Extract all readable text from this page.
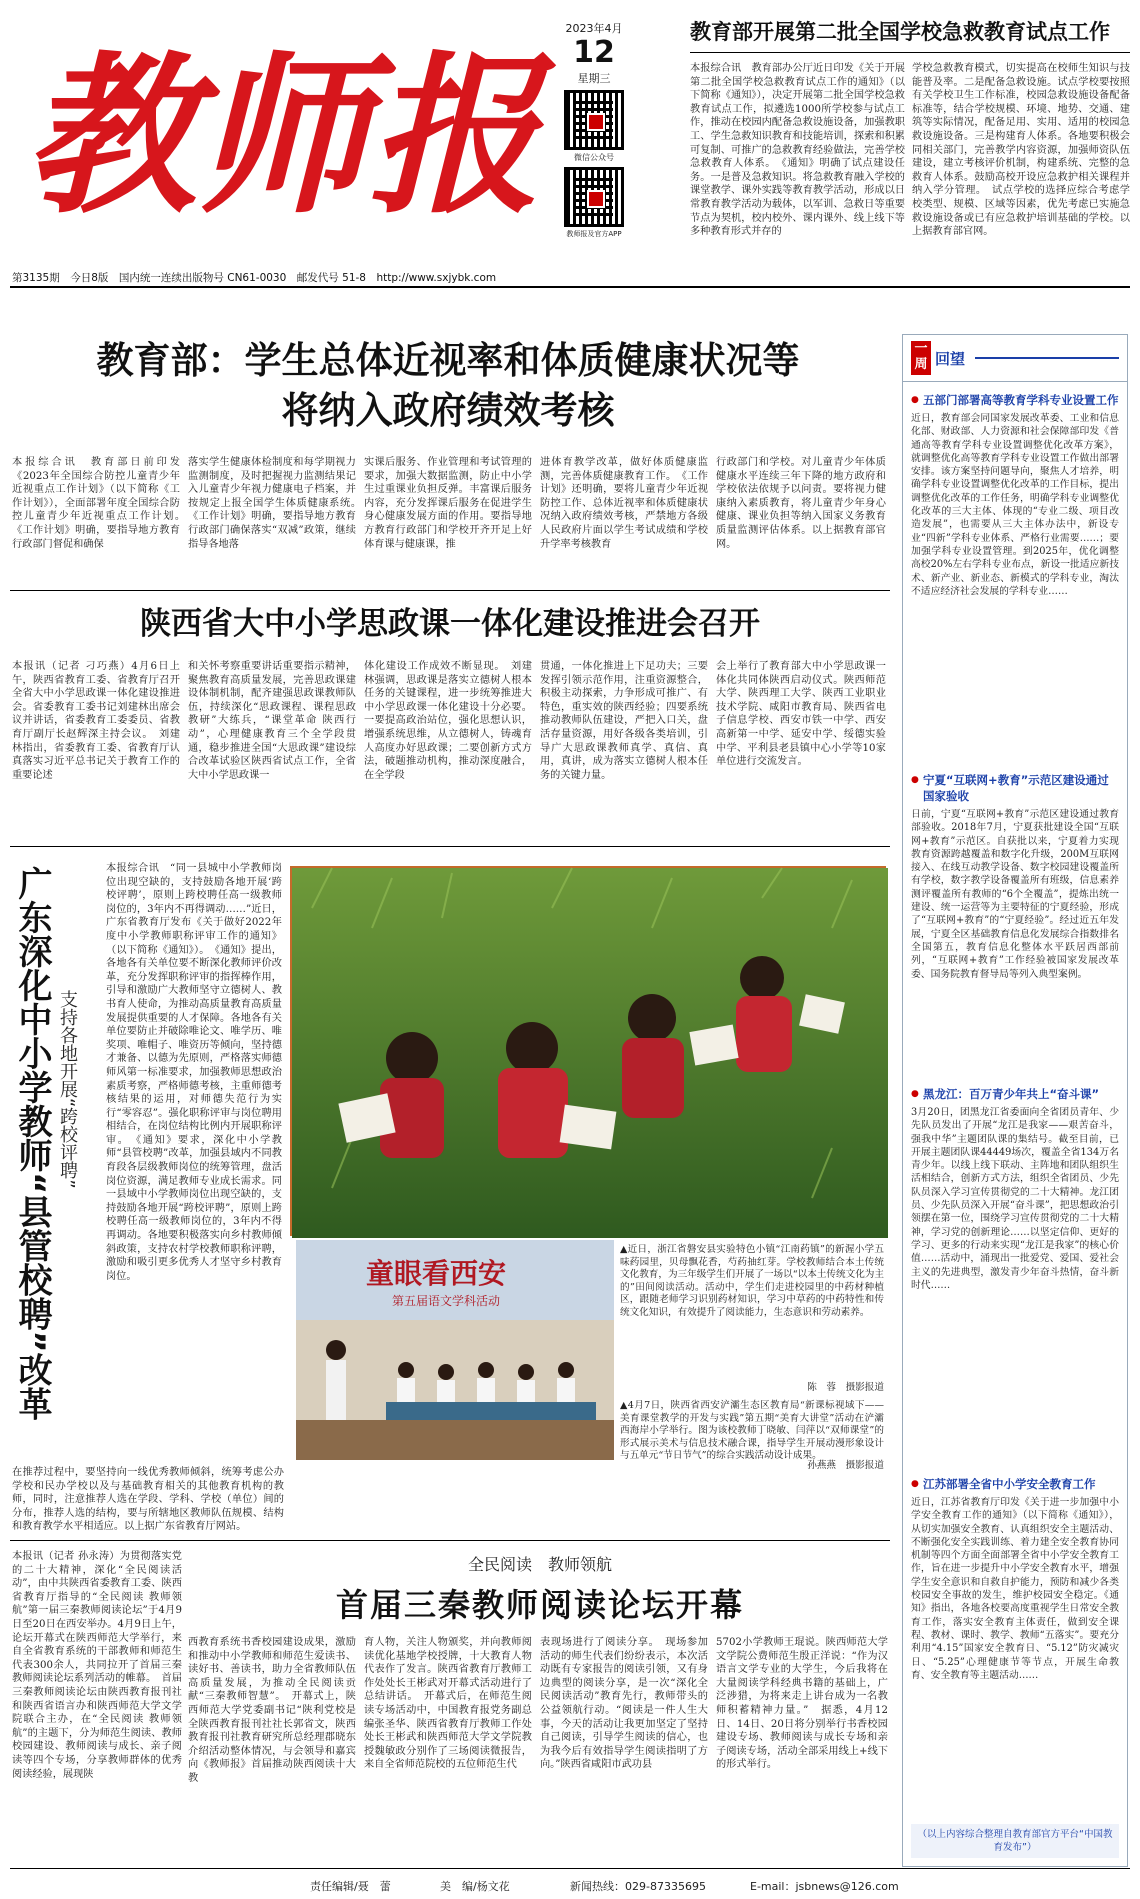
教师报
2023年4月
12
星期三
微信公众号
教师报及官方APP
第3135期　今日8版　国内统一连续出版物号 CN61-0030　邮发代号 51-8　http://www.sxjybk.com
教育部开展第二批全国学校急救教育试点工作
本报综合讯　教育部办公厅近日印发《关于开展第二批全国学校急救教育试点工作的通知》（以下简称《通知》），决定开展第二批全国学校急救教育试点工作，拟遴选1000所学校参与试点工作，推动在校园内配备急救设施设备，加强教职工、学生急救知识教育和技能培训，探索和积累可复制、可推广的急救教育经验做法，完善学校急救教育人体系。　《通知》明确了试点建设任务。一是普及急救知识。将急救教育融入学校的课堂教学、课外实践等教育教学活动，形成以日常教育教学活动为载体，以军训、急救日等重要节点为契机，校内校外、课内课外、线上线下等多种教育形式并存的
学校急救教育模式，切实提高在校师生知识与技能普及率。二是配备急救设施。试点学校要按照有关学校卫生工作标准，校园急救设施设备配备标准等，结合学校规模、环境、地势、交通、建筑等实际情况，配备足用、实用、适用的校园急救设施设备。三是构建育人体系。各地要积极会同相关部门，完善教学内容资源，加强师资队伍建设，建立考核评价机制，构建系统、完整的急救育人体系。鼓励高校开设应急救护相关课程并纳入学分管理。　试点学校的选择应综合考虑学校类型、规模、区域等因素，优先考虑已实施急救设施设备或已有应急救护培训基础的学校。以上据教育部官网。
教育部：学生总体近视率和体质健康状况等
将纳入政府绩效考核
本报综合讯　教育部日前印发《2023年全国综合防控儿童青少年近视重点工作计划》（以下简称《工作计划》），全面部署年度全国综合防控儿童青少年近视重点工作计划。　《工作计划》明确，要指导地方教育行政部门督促和确保
落实学生健康体检制度和每学期视力监测制度，及时把握视力监测结果记入儿童青少年视力健康电子档案，并按规定上报全国学生体质健康系统。　《工作计划》明确，要指导地方教育行政部门确保落实“双减”政策，继续指导各地落
实课后服务、作业管理和考试管理的要求，加强大数据监测，防止中小学生过重课业负担反弹。丰富课后服务内容，充分发挥课后服务在促进学生身心健康发展方面的作用。要指导地方教育行政部门和学校开齐开足上好体育课与健康课，推
进体育教学改革，做好体质健康监测，完善体质健康教育工作。　《工作计划》还明确，要将儿童青少年近视防控工作、总体近视率和体质健康状况纳入政府绩效考核，严禁地方各级人民政府片面以学生考试成绩和学校升学率考核教育
行政部门和学校。对儿童青少年体质健康水平连续三年下降的地方政府和学校依法依规予以问责。要将视力健康纳入素质教育，将儿童青少年身心健康、课业负担等纳入国家义务教育质量监测评估体系。以上据教育部官网。
陕西省大中小学思政课一体化建设推进会召开
本报讯（记者 刁巧燕）4月6日上午，陕西省教育工委、省教育厅召开全省大中小学思政课一体化建设推进会。省委教育工委书记刘建林出席会议并讲话，省委教育工委委员、省教育厅副厅长赵辉深主持会议。　刘建林指出，省委教育工委、省教育厅认真落实习近平总书记关于教育工作的重要论述
和关怀考察重要讲话重要指示精神，聚焦教育高质量发展，完善思政课建设体制机制，配齐建强思政课教师队伍，持续深化“思政课程、课程思政教研”大练兵，“课堂革命 陕西行动”，心理健康教育三个全学段贯通，稳步推进全国“大思政课”建设综合改革试验区陕西省试点工作，全省大中小学思政课一
体化建设工作成效不断显现。　刘建林强调，思政课是落实立德树人根本任务的关键课程，进一步统筹推进大中小学思政课一体化建设十分必要。一要提高政治站位，强化思想认识，增强系统思维，从立德树人，铸魂育人高度办好思政课；二要创新方式方法，破题推动机构，推动深度融合，在全学段
贯通，一体化推进上下足功夫；三要发挥引领示范作用，注重资源整合，积极主动探索，力争形成可推广、有特色，重实效的陕西经验；四要系统推动教师队伍建设，严把入口关，盘活存量资源，用好各级各类培训，引导广大思政课教师真学、真信、真用，真讲，成为落实立德树人根本任务的关键力量。
会上举行了教育部大中小学思政课一体化共同体陕西启动仪式。陕西师范大学、陕西理工大学、陕西工业职业技术学院、咸阳市教育局、陕西省电子信息学校、西安市铁一中学、西安高新第一中学、延安中学、绥德实验中学、平利县老县镇中心小学等10家单位进行交流发言。
广东深化中小学教师“县管校聘”改革 支持各地开展“跨校评聘”
本报综合讯　“同一县城中小学教师岗位出现空缺的，支持鼓励各地开展‘跨校评聘’，原则上跨校聘任高一级教师岗位的，3年内不再得调动……”近日，广东省教育厅发布《关于做好2022年度中小学教师职称评审工作的通知》（以下简称《通知》）。　《通知》提出，各地各有关单位要不断深化教师评价改革，充分发挥职称评审的指挥棒作用，引导和激励广大教师坚守立德树人、教书育人使命，为推动高质量教育高质量发展提供重要的人才保障。各地各有关单位要防止并破除唯论文、唯学历、唯奖项、唯帽子、唯资历等倾向，坚持德才兼备、以德为先原则，严格落实师德师风第一标准要求，加强教师思想政治素质考察，严格师德考核，主重师德考核结果的运用，对师德失范行为实行“零容忍”。强化职称评审与岗位聘用相结合，在岗位结构比例内开展职称评审。　《通知》要求，深化中小学教师“县管校聘”改革，加强县域内不同教育段各层级教师岗位的统筹管理，盘活岗位资源，满足教师专业成长需求。同一县域中小学教师岗位出现空缺的，支持鼓励各地开展“跨校评聘”，原则上跨校聘任高一级教师岗位的，3年内不得再调动。各地要积极落实向乡村教师倾斜政策，支持农村学校教师职称评聘，激励和吸引更多优秀人才坚守乡村教育岗位。
在推荐过程中，要坚持向一线优秀教师倾斜，统筹考虑公办学校和民办学校以及与基础教育相关的其他教育机构的教师，同时，注意推荐人选在学段、学科、学校（单位）间的分布，推荐人选的结构，要与所辖地区教师队伍规模、结构和教育教学水平相适应。以上据广东省教育厅网站。
童眼看西安
第五届语文学科活动
▲近日，浙江省磐安县实验特色小镇“江南药镇”的新渥小学五味药园里，贝母飘花香，芍药抽红芽。学校教师结合本土传统文化教育，为三年级学生们开展了一场以“以本土传统文化为主的”田间阅读活动。活动中，学生们走进校园里的中药材种植区，跟随老师学习识别药材知识，学习中草药的中药特性和传统文化知识，有效提升了阅读能力，生态意识和劳动素养。
陈　蓉　摄影报道
▲4月7日，陕西省西安浐灞生态区教育局“新课标视域下——美育课堂教学的开发与实践”第五期“美育大讲堂”活动在浐灞西海岸小学举行。图为该校教师丁晓敏、闫萍以“双师课堂”的形式展示美术与信息技术融合课，指导学生开展动漫形象设计与五单元“节日节气”的综合实践活动设计成果。
孙燕燕　摄影报道
本报讯（记者 孙永涛）为贯彻落实党的二十大精神，深化“全民阅读活动”，由中共陕西省委教育工委、陕西省教育厅指导的“全民阅读 教师领航”第一届三秦教师阅读论坛”于4月9日至20日在西安举办。4月9日上午，论坛开幕式在陕西师范大学举行，来自全省教育系统的干部教师和师范生代表300余人，共同拉开了首届三秦教师阅读论坛系列活动的帷幕。　首届三秦教师阅读论坛由陕西教育报刊社和陕西省语言办和陕西师范大学文学院联合主办，在“全民阅读 教师领航”的主题下，分为师范生阅读、教师校园建设、教师阅读与成长、亲子阅读等四个专场，分享教师群体的优秀阅读经验，展现陕
全民阅读　教师领航
首届三秦教师阅读论坛开幕
西教育系统书香校园建设成果，激励和推动中小学教师和师范生爱读书、读好书、善读书，助力全省教师队伍高质量发展，为推动全民阅读贡献“三秦教师智慧”。　开幕式上，陕西师范大学党委副书记“陕利党校是全陕西教育报刊社社长郭省文，陕西教育报刊社教育研究所总经理郡晓东介绍活动整体情况，与会领导和嘉宾向《教师报》首届推动陕西阅读十大教
育人物，关注人物颁奖，并向教师阅读优化基地学校授牌，十大教育人物代表作了发言。陕西省教育厅教师工作处处长王彬武对开幕式活动进行了总结讲话。　开幕式后，在师范生阅读专场活动中，中国教育报党务副总编张圣华、陕西省教育厅教师工作处处长王彬武和陕西师范大学文学院教授魏敏政分别作了三场阅读微报告，来自全省师范院校的五位师范生代
表现场进行了阅读分享。　现场参加活动的师生代表们纷纷表示，本次活动既有专家报告的阅读引领，又有身边典型的阅读分享，是一次“深化全民阅读活动”教育先行，教师带头的公益领航行动。“阅读是一件人生大事，今天的活动让我更加坚定了坚持自己阅读，引导学生阅读的信心，也为我今后有效指导学生阅读指明了方向。”陕西省咸阳市武功县
5702小学教师王琨说。陕西师范大学文学院公费师范生殷正洋说：“作为汉语言文学专业的大学生，今后我将在大量阅读学科经典书籍的基础上，广泛涉猎，为将来走上讲台成为一名教师积蓄精神力量。”　据悉，4月12日、14日、20日将分别举行书香校园建设专场、教师阅读与成长专场和亲子阅读专场，活动全部采用线上+线下的形式举行。
一
周 回望
● 五部门部署高等教育学科专业设置工作
近日，教育部会同国家发展改革委、工业和信息化部、财政部、人力资源和社会保障部印发《普通高等教育学科专业设置调整优化改革方案》，就调整优化高等教育学科专业设置工作做出部署安排。该方案坚持问题导向，聚焦人才培养，明确学科专业设置调整优化改革的工作目标，提出调整优化改革的工作任务，明确学科专业调整优化改革的三大主体、体现的“专业二级、项目改造发展”，也需要从三大主体办法中，新设专业“四新”学科专业体系、严格行业需要……；要加强学科专业设置管理。到2025年，优化调整高校20%左右学科专业布点，新设一批适应新技术、新产业、新业态、新模式的学科专业，淘汰不适应经济社会发展的学科专业……
● 宁夏“互联网+教育”示范区建设通过国家验收
日前，宁夏“互联网+教育”示范区建设通过教育部验收。2018年7月，宁夏获批建设全国“互联网+教育”示范区。自获批以来，宁夏着力实现教育资源跨越覆盖和数字化升级，200M互联网接入、在线互动教学设备、数字校园建设覆盖所有学校，数字教学设备覆盖所有班级，信息素养测评覆盖所有教师的“6个全覆盖”，提炼出统一建设、统一运营等为主要特征的宁夏经验，形成了“互联网+教育”的“宁夏经验”。经过近五年发展，宁夏全区基础教育信息化发展综合指数排名全国第五，教育信息化整体水平跃居西部前列，“互联网+教育”工作经验被国家发展改革委、国务院教育督导局等列入典型案例。
● 黑龙江：百万青少年共上“奋斗课”
3月20日，团黑龙江省委面向全省团员青年、少先队员发出了开展“龙江是我家——艰苦奋斗，强我中华”主题团队课的集结号。截至目前，已开展主题团队课44449场次，覆盖全省134万名青少年。以线上线下联动、主阵地和团队组织生活相结合，创新方式方法，组织全省团员、少先队员深入学习宣传贯彻党的二十大精神。龙江团员、少先队员深入开展“奋斗课”，把思想政治引领摆在第一位，围绕学习宣传贯彻党的二十大精神，学习党的创新理论……以坚定信仰、更好的学习、更多的行动来实现“龙江是我家”的核心价值……活动中，涌现出一批爱党、爱国、爱社会主义的先进典型，激发青少年奋斗热情，奋斗新时代……
● 江苏部署全省中小学安全教育工作
近日，江苏省教育厅印发《关于进一步加强中小学安全教育工作的通知》（以下简称《通知》），从切实加强安全教育、认真组织安全主题活动、不断强化安全实践训练、着力建全安全教育协同机制等四个方面全面部署全省中小学安全教育工作，旨在进一步提升中小学安全教育水平，增强学生安全意识和自救自护能力，预防和减少各类校园安全事故的发生，维护校园安全稳定。《通知》指出，各地各校要高度重视学生日常安全教育工作，落实安全教育主体责任，做到安全课程、教材、课时、教学、教师“五落实”。要充分利用“4.15”国家安全教育日、“5.12”防灾减灾日、“5.25”心理健康节等节点，开展生命教育、安全教育等主题活动……
（以上内容综合整理自教育部官方平台“中国教育发布”）
责任编辑/聂　蕾	美　编/杨文花	新闻热线：029-87335695	E-mail：jsbnews@126.com
